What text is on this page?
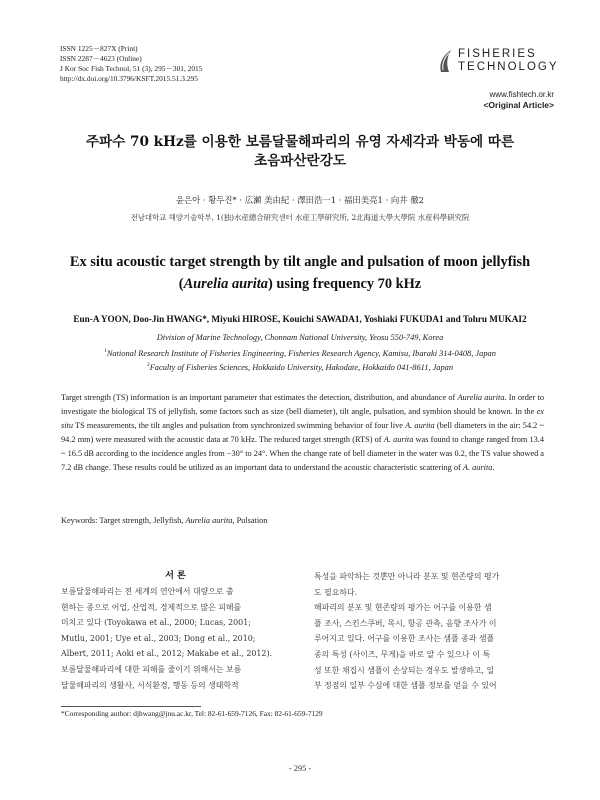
ISSN 1225－827X (Print)
ISSN 2287－4623 (Online)
J Kor Soc Fish Technol, 51 (3), 295－301, 2015
http://dx.doi.org/10.3796/KSFT.2015.51.3.295
FISHERIES
TECHNOLOGY
www.fishtech.or.kr
<Original Article>
주파수 70 kHz를 이용한 보름달물해파리의 유영 자세각과 박동에 따른
초음파산란강도
윤은아 · 황두진* · 広瀬 美由紀 · 澤田浩一1 · 福田美亮1 · 向井 徹2
전남대학교 해양기술학부, 1(独)水産總合研究센터 水産工學研究所, 2北海道大學大學院 水産科學研究院
Ex situ acoustic target strength by tilt angle and pulsation of moon jellyfish
(Aurelia aurita) using frequency 70 kHz
Eun-A YOON, Doo-Jin HWANG*, Miyuki HIROSE, Kouichi SAWADA1, Yoshiaki FUKUDA1 and Tohru MUKAI2
Division of Marine Technology, Chonnam National University, Yeosu 550-749, Korea
$^1$National Research Institute of Fisheries Engineering, Fisheries Research Agency, Kamisu, Ibaraki 314-0408, Japan
$^2$Faculty of Fisheries Sciences, Hokkaido University, Hakodate, Hokkaido 041-8611, Japan

Target strength (TS) information is an important parameter that estimates the detection, distribution, and abundance of Aurelia aurita. In order to investigate the biological TS of jellyfish, some factors such as size (bell diameter), tilt angle, pulsation, and symbion should be known. In the ex situ TS measurements, the tilt angles and pulsation from synchronized swimming behavior of four live A. aurita (bell diameters in the air: 54.2 ~ 94.2 mm) were measured with the acoustic data at 70 kHz. The reduced target strength (RTS) of A. aurita was found to change ranged from 13.4 ~ 16.5 dB according to the incidence angles from −30° to 24°. When the change rate of bell diameter in the water was 0.2, the TS value showed a 7.2 dB change. These results could be utilized as an important data to understand the acoustic characteristic scattering of A. aurita.

Keywords: Target strength, Jellyfish, Aurelia aurita, Pulsation
서 론
보름달물해파리는 전 세계의 연안에서 대량으로 출
현하는 종으로 어업, 산업적, 경제적으로 많은 피해를
미치고 있다 (Toyokawa et al., 2000; Lucas, 2001;
Mutlu, 2001; Uye et al., 2003; Dong et al., 2010;
Albert, 2011; Aoki et al., 2012; Makabe et al., 2012).
보름달물해파리에 대한 피해를 줄이기 위해서는 보름
달물해파리의 생활사, 서식환경, 행동 등의 생태학적
특성을 파악하는 것뿐만 아니라 분포 및 현존량의 평가
도 필요하다.
해파리의 분포 및 현존량의 평가는 어구를 이용한 샘
플 조사, 스킨스쿠버, 목시, 항공 관측, 음향 조사가 이
루어지고 있다. 어구를 이용한 조사는 샘플 종과 샘플
종의 특성 (사이즈, 무게)을 바로 알 수 있으나 이 특
성 또한 채집시 샘플이 손상되는 경우도 발생하고, 일
부 정점의 일부 수심에 대한 샘플 정보를 얻을 수 있어
*Corresponding author: djhwang@jnu.ac.kr, Tel: 82-61-659-7126, Fax: 82-61-659-7129
- 295 -
